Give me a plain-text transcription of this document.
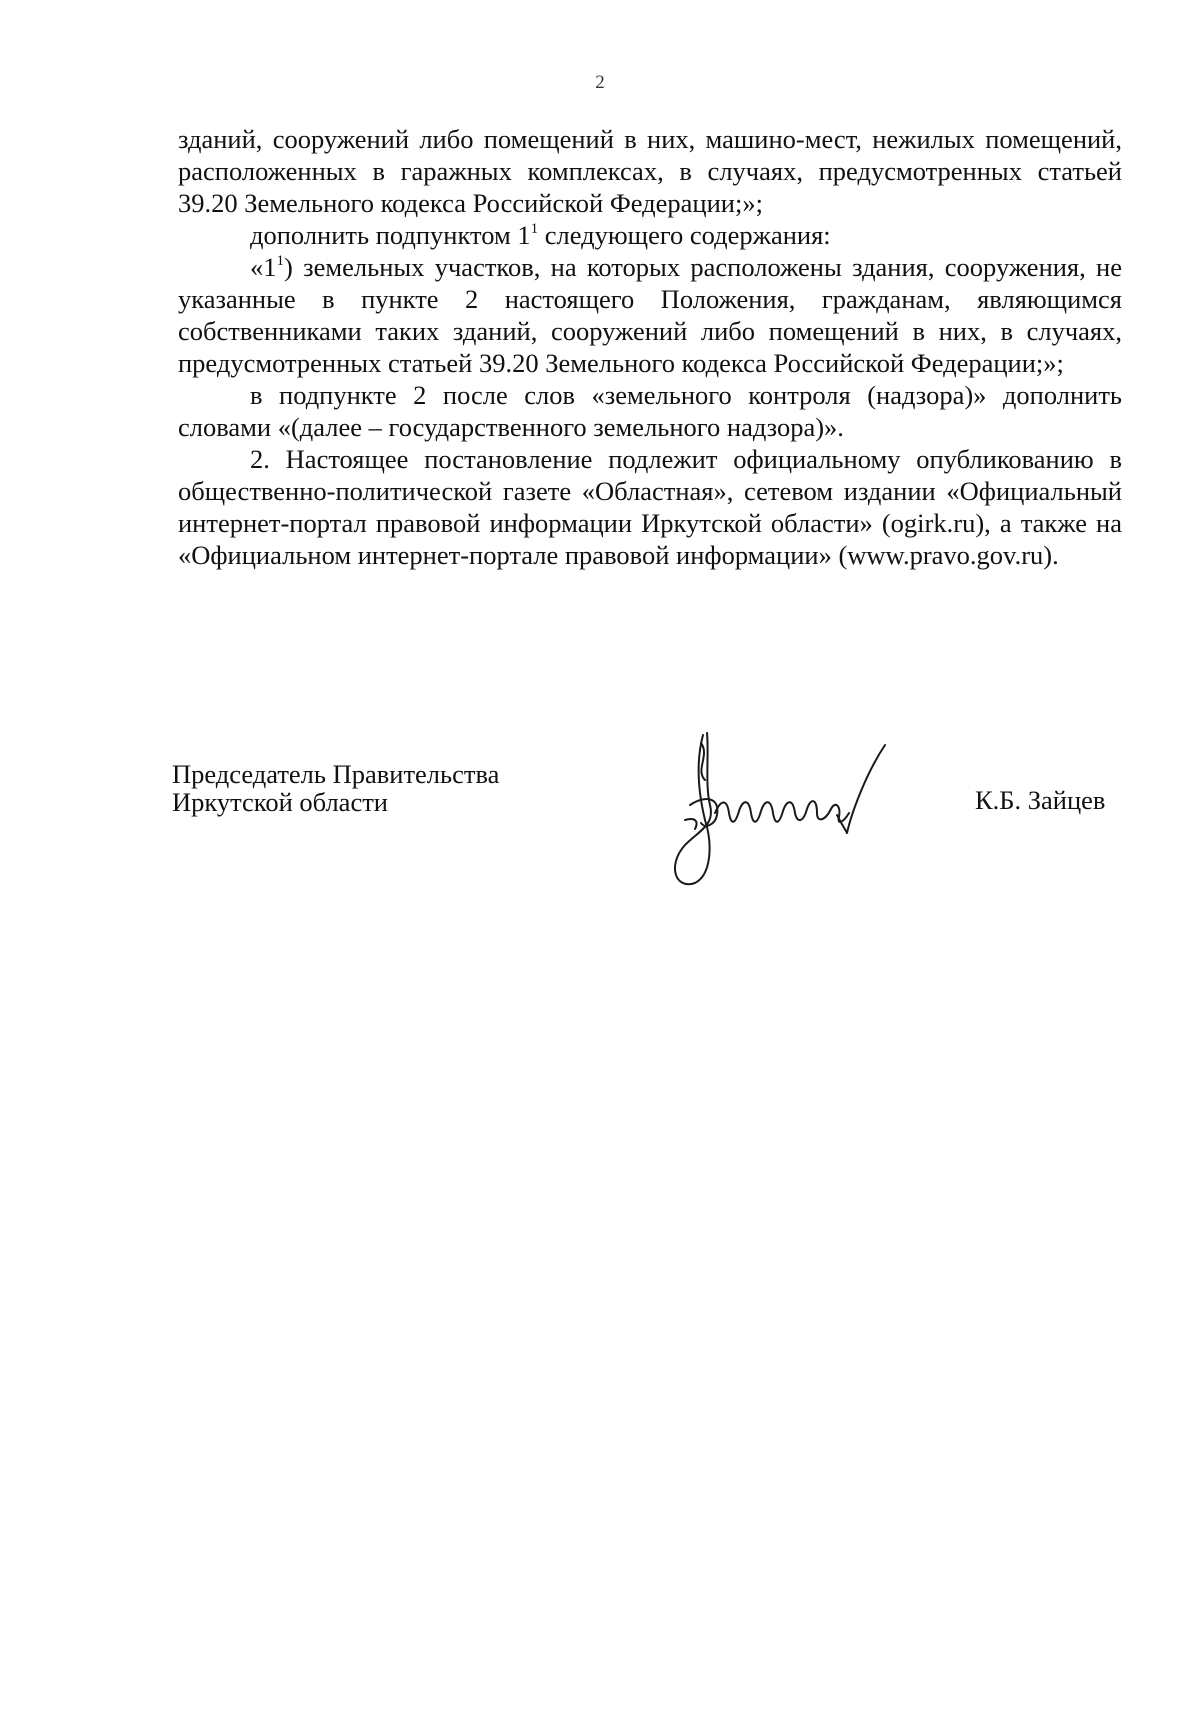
2

зданий, сооружений либо помещений в них, машино-мест, нежилых помещений, расположенных в гаражных комплексах, в случаях, предусмотренных статьей 39.20 Земельного кодекса Российской Федерации;»;

дополнить подпунктом $1^1$ следующего содержания:

«$1^1$) земельных участков, на которых расположены здания, сооружения, не указанные в пункте 2 настоящего Положения, гражданам, являющимся собственниками таких зданий, сооружений либо помещений в них, в случаях, предусмотренных статьей 39.20 Земельного кодекса Российской Федерации;»;

в подпункте 2 после слов «земельного контроля (надзора)» дополнить словами «(далее – государственного земельного надзора)».

2. Настоящее постановление подлежит официальному опубликованию в общественно-политической газете «Областная», сетевом издании «Официальный интернет-портал правовой информации Иркутской области» (ogirk.ru), а также на «Официальном интернет-портале правовой информации» (www.pravo.gov.ru).

Председатель Правительства
Иркутской области	К.Б. Зайцев
